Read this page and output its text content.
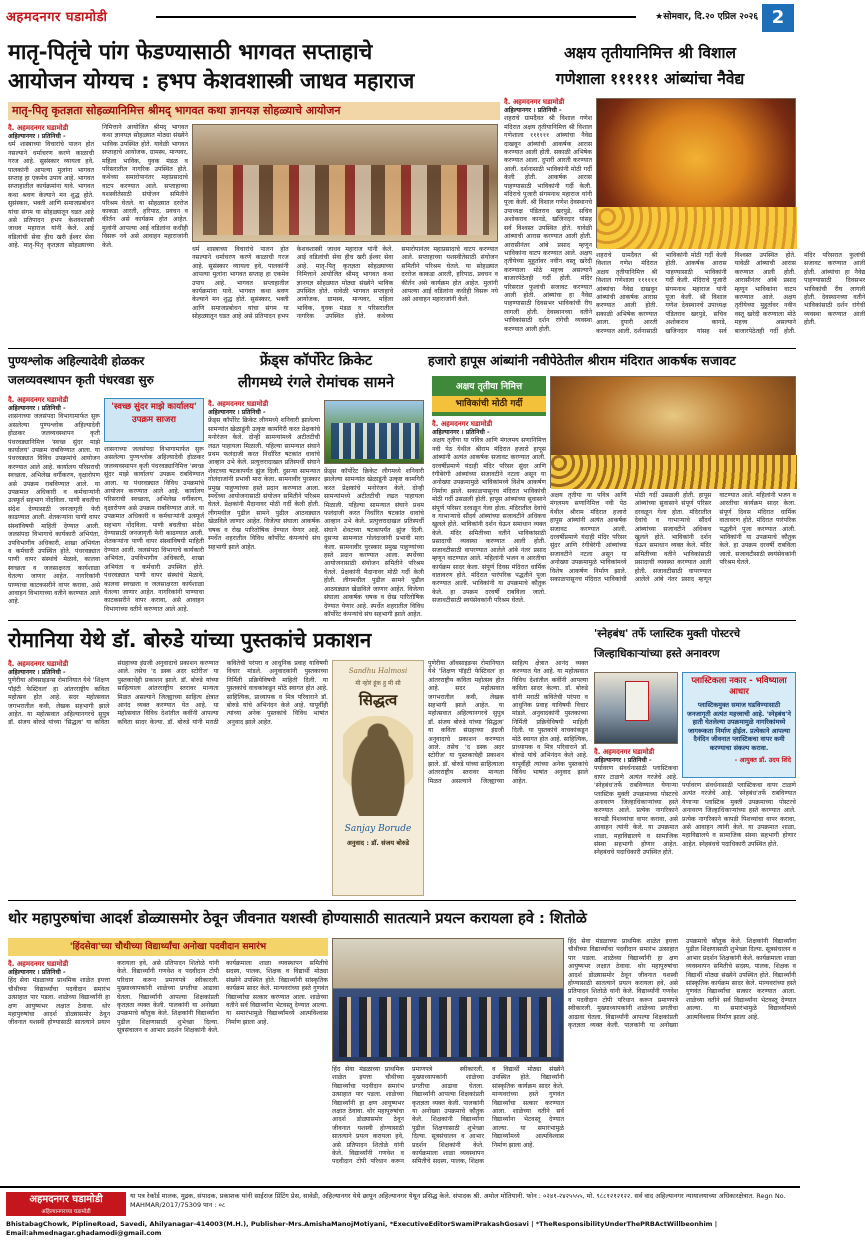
अहमदनगर घडामोडी	★सोमवार, दि.२० एप्रिल २०२६ 2
मातृ-पितृंचे पांग फेडण्यासाठी भागवत सप्ताहाचे
आयोजन योग्यच : हभप केशवशास्त्री जाधव महाराज
मातृ-पितृ कृतज्ञता सोहळ्यानिमित्त श्रीमद् भागवत कथा ज्ञानयज्ञ सोहळ्याचे आयोजन
दै. अहमदनगर घडामोडी
अहिल्यानगर । प्रतिनिधी -
धर्म शास्त्राच्या विचारांचे पालन होत नसल्याने धर्माचरण करणे काळाची गरज आहे. सुसंस्कार व्यायला हवे, पालकांनी आपल्या मुलांना भागवत सप्ताह हा एकमेव उपाय आहे. भागवत सप्ताहातील कार्यक्रमांना यावे. भागवत कथा श्रवण केल्याने मन शुद्ध होते. सुसंस्कार, भक्ती आणि समाजप्रबोधन यांचा संगम या सोहळ्यातून घडत आहे असे प्रतिपादन हभप केशवशास्त्री जाधव महाराज यांनी केले. आई वडिलांची सेवा हीच खरी ईश्वर सेवा आहे. मातृ-पितृ कृतज्ञता सोहळ्याच्या निमित्ताने आयोजित श्रीमद् भागवत कथा ज्ञानयज्ञ सोहळ्यात मोठ्या संख्येने भाविक उपस्थित होते. यावेळी भागवत सप्ताहाचे आयोजक, ग्रामस्थ, मान्यवर, महिला भाविक, युवक मंडळ व परिसरातील नागरिक उपस्थित होते. कथेच्या समारोपानंतर महाप्रसादाचे वाटप करण्यात आले. सप्ताहाच्या यशस्वीतेसाठी संयोजन समितीने परिश्रम घेतले. या सोहळ्यात दररोज काकडा आरती, हरिपाठ, प्रवचन व कीर्तन असे कार्यक्रम होत आहेत. मुलांनी आपल्या आई वडिलांना कधीही विसरू नये असे आवाहन महाराजांनी केले.
धर्म शास्त्राच्या विचारांचे पालन होत नसल्याने धर्माचरण करणे काळाची गरज आहे. सुसंस्कार व्यायला हवे, पालकांनी आपल्या मुलांना भागवत सप्ताह हा एकमेव उपाय आहे. भागवत सप्ताहातील कार्यक्रमांना यावे. भागवत कथा श्रवण केल्याने मन शुद्ध होते. सुसंस्कार, भक्ती आणि समाजप्रबोधन यांचा संगम या सोहळ्यातून घडत आहे असे प्रतिपादन हभप केशवशास्त्री जाधव महाराज यांनी केले. आई वडिलांची सेवा हीच खरी ईश्वर सेवा आहे. मातृ-पितृ कृतज्ञता सोहळ्याच्या निमित्ताने आयोजित श्रीमद् भागवत कथा ज्ञानयज्ञ सोहळ्यात मोठ्या संख्येने भाविक उपस्थित होते. यावेळी भागवत सप्ताहाचे आयोजक, ग्रामस्थ, मान्यवर, महिला भाविक, युवक मंडळ व परिसरातील नागरिक उपस्थित होते. कथेच्या समारोपानंतर महाप्रसादाचे वाटप करण्यात आले. सप्ताहाच्या यशस्वीतेसाठी संयोजन समितीने परिश्रम घेतले. या सोहळ्यात दररोज काकडा आरती, हरिपाठ, प्रवचन व कीर्तन असे कार्यक्रम होत आहेत. मुलांनी आपल्या आई वडिलांना कधीही विसरू नये असे आवाहन महाराजांनी केले.
अक्षय तृतीयानिमित्त श्री विशाल
गणेशाला ११११११ आंब्यांचा नैवेद्य
दै. अहमदनगर घडामोडी
अहिल्यानगर । प्रतिनिधी -
शहराचे ग्रामदैवत श्री विशाल गणेश मंदिरात अक्षय तृतीयानिमित्त श्री विशाल गणेशाला ११११११ आंब्यांचा नैवेद्य दाखवून आंब्यांची आकर्षक आरास करण्यात आली होती. सकाळी अभिषेक करण्यात आला. दुपारी आरती करण्यात आली. दर्शनासाठी भाविकांनी मोठी गर्दी केली होती. आकर्षक आरास पाहण्यासाठी भाविकांनी गर्दी केली. मंदिराचे पुजारी संगमनाथ महाराज यांनी पूजा केली. श्री विशाल गणेश देवस्थानचे उपाध्यक्ष पंडितराव खरपुडे, सचिव अशोकराव कानडे, खजिनदार यांसह सर्व विश्वस्त उपस्थित होते. यावेळी आंब्याची आरास करण्यात आली होती. आरासीनंतर आंबे प्रसाद म्हणून भाविकांना वाटप करण्यात आले. अक्षय तृतीयेच्या मुहूर्तावर नवीन वस्तू खरेदी करण्याला मोठे महत्त्व असल्याने बाजारपेठेतही गर्दी होती. मंदिर परिसरात फुलांची सजावट करण्यात आली होती. आंब्यांचा हा नैवेद्य पाहण्यासाठी दिवसभर भाविकांची रीघ लागली होती. देवस्थानच्या वतीने भाविकांसाठी दर्शन रांगेची व्यवस्था करण्यात आली होती.
शहराचे ग्रामदैवत श्री विशाल गणेश मंदिरात अक्षय तृतीयानिमित्त श्री विशाल गणेशाला ११११११ आंब्यांचा नैवेद्य दाखवून आंब्यांची आकर्षक आरास करण्यात आली होती. सकाळी अभिषेक करण्यात आला. दुपारी आरती करण्यात आली. दर्शनासाठी भाविकांनी मोठी गर्दी केली होती. आकर्षक आरास पाहण्यासाठी भाविकांनी गर्दी केली. मंदिराचे पुजारी संगमनाथ महाराज यांनी पूजा केली. श्री विशाल गणेश देवस्थानचे उपाध्यक्ष पंडितराव खरपुडे, सचिव अशोकराव कानडे, खजिनदार यांसह सर्व विश्वस्त उपस्थित होते. यावेळी आंब्याची आरास करण्यात आली होती. आरासीनंतर आंबे प्रसाद म्हणून भाविकांना वाटप करण्यात आले. अक्षय तृतीयेच्या मुहूर्तावर नवीन वस्तू खरेदी करण्याला मोठे महत्त्व असल्याने बाजारपेठेतही गर्दी होती. मंदिर परिसरात फुलांची सजावट करण्यात आली होती. आंब्यांचा हा नैवेद्य पाहण्यासाठी दिवसभर भाविकांची रीघ लागली होती. देवस्थानच्या वतीने भाविकांसाठी दर्शन रांगेची व्यवस्था करण्यात आली होती.
पुण्यश्लोक अहिल्यादेवी होळकर
जलव्यवस्थापन कृती पंधरवडा सुरु
दै. अहमदनगर घडामोडी
अहिल्यानगर । प्रतिनिधी -
शासनाच्या जलसंपदा विभागामार्फत सुरू असलेल्या पुण्यश्लोक अहिल्यादेवी होळकर जलव्यवस्थापन कृती पंधरवड्यानिमित्त 'स्वच्छ सुंदर माझे कार्यालय' उपक्रम राबविण्यात आला. या पंधरवड्यात विविध उपक्रमांचे आयोजन करण्यात आले आहे. कार्यालय परिसराची स्वच्छता, अभिलेख वर्गीकरण, वृक्षारोपण असे उपक्रम राबविण्यात आले. या उपक्रमात अधिकारी व कर्मचाऱ्यांनी उत्स्फूर्त सहभाग नोंदविला. पाणी बचतीचा संदेश देण्यासाठी जनजागृती फेरी काढण्यात आली. शेतकऱ्यांना पाणी वापर संस्थांविषयी माहिती देण्यात आली. जलसंपदा विभागाचे कार्यकारी अभियंता, उपविभागीय अधिकारी, शाखा अभियंता व कर्मचारी उपस्थित होते. पंधरवड्यात पाणी वापर संस्थांचे मेळावे, कालवा स्वच्छता व जलसाक्षरता कार्यशाळा घेतल्या जाणार आहेत. नागरिकांनी पाण्याचा काटकसरीने वापर करावा, असे आवाहन विभागाच्या वतीने करण्यात आले आहे.
'स्वच्छ सुंदर माझे कार्यालय' उपक्रम साजरा
शासनाच्या जलसंपदा विभागामार्फत सुरू असलेल्या पुण्यश्लोक अहिल्यादेवी होळकर जलव्यवस्थापन कृती पंधरवड्यानिमित्त 'स्वच्छ सुंदर माझे कार्यालय' उपक्रम राबविण्यात आला. या पंधरवड्यात विविध उपक्रमांचे आयोजन करण्यात आले आहे. कार्यालय परिसराची स्वच्छता, अभिलेख वर्गीकरण, वृक्षारोपण असे उपक्रम राबविण्यात आले. या उपक्रमात अधिकारी व कर्मचाऱ्यांनी उत्स्फूर्त सहभाग नोंदविला. पाणी बचतीचा संदेश देण्यासाठी जनजागृती फेरी काढण्यात आली. शेतकऱ्यांना पाणी वापर संस्थांविषयी माहिती देण्यात आली. जलसंपदा विभागाचे कार्यकारी अभियंता, उपविभागीय अधिकारी, शाखा अभियंता व कर्मचारी उपस्थित होते. पंधरवड्यात पाणी वापर संस्थांचे मेळावे, कालवा स्वच्छता व जलसाक्षरता कार्यशाळा घेतल्या जाणार आहेत. नागरिकांनी पाण्याचा काटकसरीने वापर करावा, असे आवाहन विभागाच्या वतीने करण्यात आले आहे.
फ्रेंड्स कॉर्पोरेट क्रिकेट
लीगमध्ये रंगले रोमांचक सामने
दै. अहमदनगर घडामोडी
अहिल्यानगर । प्रतिनिधी -
फ्रेंड्स कॉर्पोरेट क्रिकेट लीगमध्ये शनिवारी झालेल्या सामन्यांत खेळाडूंनी उत्कृष्ट कामगिरी करत प्रेक्षकांचे मनोरंजन केले. दोन्ही सामन्यांमध्ये अटीतटीची लढत पाहायला मिळाली. पहिल्या सामन्यात संघाने प्रथम फलंदाजी करत निर्धारित षटकांत धावांचे आव्हान उभे केले. प्रत्युत्तरादाखल प्रतिस्पर्धी संघाने शेवटच्या षटकापर्यंत झुंज दिली. दुसऱ्या सामन्यात गोलंदाजांनी प्रभावी मारा केला. सामनावीर पुरस्कार प्रमुख पाहुण्यांच्या हस्ते प्रदान करण्यात आला. स्पर्धेच्या आयोजनासाठी संयोजन समितीने परिश्रम घेतले. प्रेक्षकांनी मैदानावर मोठी गर्दी केली होती. लीगमधील पुढील सामने पुढील आठवड्यात खेळविले जाणार आहेत. विजेत्या संघाला आकर्षक चषक व रोख पारितोषिक देण्यात येणार आहे. स्पर्धेत शहरातील विविध कॉर्पोरेट कंपन्यांचे संघ सहभागी झाले आहेत.
फ्रेंड्स कॉर्पोरेट क्रिकेट लीगमध्ये शनिवारी झालेल्या सामन्यांत खेळाडूंनी उत्कृष्ट कामगिरी करत प्रेक्षकांचे मनोरंजन केले. दोन्ही सामन्यांमध्ये अटीतटीची लढत पाहायला मिळाली. पहिल्या सामन्यात संघाने प्रथम फलंदाजी करत निर्धारित षटकांत धावांचे आव्हान उभे केले. प्रत्युत्तरादाखल प्रतिस्पर्धी संघाने शेवटच्या षटकापर्यंत झुंज दिली. दुसऱ्या सामन्यात गोलंदाजांनी प्रभावी मारा केला. सामनावीर पुरस्कार प्रमुख पाहुण्यांच्या हस्ते प्रदान करण्यात आला. स्पर्धेच्या आयोजनासाठी संयोजन समितीने परिश्रम घेतले. प्रेक्षकांनी मैदानावर मोठी गर्दी केली होती. लीगमधील पुढील सामने पुढील आठवड्यात खेळविले जाणार आहेत. विजेत्या संघाला आकर्षक चषक व रोख पारितोषिक देण्यात येणार आहे. स्पर्धेत शहरातील विविध कॉर्पोरेट कंपन्यांचे संघ सहभागी झाले आहेत.
हजारो हापूस आंब्यांनी नवीपेठेतील श्रीराम मंदिरात आकर्षक सजावट
अक्षय तृतीया निमित्त
भाविकांची मोठी गर्दी
दै. अहमदनगर घडामोडी
अहिल्यानगर । प्रतिनिधी -
अक्षय तृतीया या पवित्र आणि मंगलमय सणानिमित्त नवी पेठ येथील श्रीराम मंदिरात हजारो हापूस आंब्यांनी अत्यंत आकर्षक सजावट करण्यात आली. दरवर्षीप्रमाणे यंदाही मंदिर परिसर सुंदर आणि रंगीबेरंगी आंब्यांच्या सजावटीने नटला असून या अनोख्या उपक्रमामुळे भाविकांमध्ये विशेष आकर्षण निर्माण झाले. सकाळपासूनच मंदिरात भाविकांची मोठी गर्दी उसळली होती. हापूस आंब्यांच्या सुवासाने संपूर्ण परिसर दरवळून गेला होता. मंदिरातील देवांचे व गाभाऱ्याचे सौंदर्य आंब्यांच्या सजावटीने अधिकच खुलले होते. भाविकांनी दर्शन घेऊन समाधान व्यक्त केले. मंदिर समितीच्या वतीने भाविकांसाठी प्रसादाची व्यवस्था करण्यात आली होती. सजावटीसाठी वापरण्यात आलेले आंबे नंतर प्रसाद म्हणून वाटण्यात आले. महिलांनी भजन व आरतीचा कार्यक्रम सादर केला. संपूर्ण दिवस मंदिरात धार्मिक वातावरण होते. मंदिरात पारंपरिक पद्धतीने पूजा करण्यात आली. भाविकांनी या उपक्रमाचे कौतुक केले. हा उपक्रम दरवर्षी राबविला जातो. सजावटीसाठी स्वयंसेवकांनी परिश्रम घेतले.
अक्षय तृतीया या पवित्र आणि मंगलमय सणानिमित्त नवी पेठ येथील श्रीराम मंदिरात हजारो हापूस आंब्यांनी अत्यंत आकर्षक सजावट करण्यात आली. दरवर्षीप्रमाणे यंदाही मंदिर परिसर सुंदर आणि रंगीबेरंगी आंब्यांच्या सजावटीने नटला असून या अनोख्या उपक्रमामुळे भाविकांमध्ये विशेष आकर्षण निर्माण झाले. सकाळपासूनच मंदिरात भाविकांची मोठी गर्दी उसळली होती. हापूस आंब्यांच्या सुवासाने संपूर्ण परिसर दरवळून गेला होता. मंदिरातील देवांचे व गाभाऱ्याचे सौंदर्य आंब्यांच्या सजावटीने अधिकच खुलले होते. भाविकांनी दर्शन घेऊन समाधान व्यक्त केले. मंदिर समितीच्या वतीने भाविकांसाठी प्रसादाची व्यवस्था करण्यात आली होती. सजावटीसाठी वापरण्यात आलेले आंबे नंतर प्रसाद म्हणून वाटण्यात आले. महिलांनी भजन व आरतीचा कार्यक्रम सादर केला. संपूर्ण दिवस मंदिरात धार्मिक वातावरण होते. मंदिरात पारंपरिक पद्धतीने पूजा करण्यात आली. भाविकांनी या उपक्रमाचे कौतुक केले. हा उपक्रम दरवर्षी राबविला जातो. सजावटीसाठी स्वयंसेवकांनी परिश्रम घेतले.
रोमानिया येथे डॉ. बोरुडे यांच्या पुस्तकांचे प्रकाशन
दै. अहमदनगर घडामोडी
अहिल्यानगर । प्रतिनिधी -
पुणेरीया ऑवसाइडन्स रोमानियात येथे 'शिक्षण पॉइंटी फेस्टिवल' हा आंतरराष्ट्रीय कविता महोत्सव होत आहे. सदर महोत्सवात जगभरातील कवी, लेखक सहभागी झाले आहेत. या महोत्सवात अहिल्यानगरचे सुपुत्र डॉ. संजय बोरुडे यांच्या 'सिद्धत्व' या कविता संग्रहाच्या इंग्रजी अनुवादाचे प्रकाशन करण्यात आले. तसेच 'द डस्क अदर स्टोरीज' या पुस्तकाचेही प्रकाशन झाले. डॉ. बोरुडे यांच्या साहित्याला आंतरराष्ट्रीय स्तरावर मान्यता मिळत असल्याने जिल्ह्याच्या साहित्य क्षेत्रात आनंद व्यक्त करण्यात येत आहे. या महोत्सवात विविध देशांतील कवींनी आपल्या कविता सादर केल्या. डॉ. बोरुडे यांनी मराठी कवितेची परंपरा व आधुनिक प्रवाह याविषयी विचार मांडले. अनुवादकांनी पुस्तकाच्या निर्मिती प्रक्रियेविषयी माहिती दिली. या पुस्तकांचे वाचकांकडून मोठे स्वागत होत आहे. साहित्यिक, प्राध्यापक व मित्र परिवाराने डॉ. बोरुडे यांचे अभिनंदन केले आहे. यापूर्वीही त्यांच्या अनेक पुस्तकांचे विविध भाषांत अनुवाद झाले आहेत.
Sandhu Halmosi
मी न्होरं हूंक हु मी सी
सिद्धत्व
Sanjay Borude
अनुवाद : डॉ. संजय बोरुडे
पुणेरीया ऑवसाइडन्स रोमानियात येथे 'शिक्षण पॉइंटी फेस्टिवल' हा आंतरराष्ट्रीय कविता महोत्सव होत आहे. सदर महोत्सवात जगभरातील कवी, लेखक सहभागी झाले आहेत. या महोत्सवात अहिल्यानगरचे सुपुत्र डॉ. संजय बोरुडे यांच्या 'सिद्धत्व' या कविता संग्रहाच्या इंग्रजी अनुवादाचे प्रकाशन करण्यात आले. तसेच 'द डस्क अदर स्टोरीज' या पुस्तकाचेही प्रकाशन झाले. डॉ. बोरुडे यांच्या साहित्याला आंतरराष्ट्रीय स्तरावर मान्यता मिळत असल्याने जिल्ह्याच्या साहित्य क्षेत्रात आनंद व्यक्त करण्यात येत आहे. या महोत्सवात विविध देशांतील कवींनी आपल्या कविता सादर केल्या. डॉ. बोरुडे यांनी मराठी कवितेची परंपरा व आधुनिक प्रवाह याविषयी विचार मांडले. अनुवादकांनी पुस्तकाच्या निर्मिती प्रक्रियेविषयी माहिती दिली. या पुस्तकांचे वाचकांकडून मोठे स्वागत होत आहे. साहित्यिक, प्राध्यापक व मित्र परिवाराने डॉ. बोरुडे यांचे अभिनंदन केले आहे. यापूर्वीही त्यांच्या अनेक पुस्तकांचे विविध भाषांत अनुवाद झाले आहेत.
'स्नेहबंध' तर्फे प्लास्टिक मुक्ती पोस्टरचे
जिल्हाधिकाऱ्यांच्या हस्ते अनावरण
प्लास्टिकला नकार - भविष्याला आधार
प्लास्टिकमुक्त समाज घडविण्यासाठी जनजागृती अत्यंत महत्त्वाची आहे. 'स्नेहबंध'ने हाती घेतलेल्या उपक्रमामुळे नागरिकांमध्ये जागरूकता निर्माण होईल. प्रत्येकाने आपल्या दैनंदिन जीवनात प्लास्टिकचा वापर कमी करण्याचा संकल्प करावा.
- आयुक्त डॉ. उदय शिंदे
दै. अहमदनगर घडामोडी
अहिल्यानगर । प्रतिनिधी -
पर्यावरण संवर्धनासाठी प्लास्टिकचा वापर टाळणे अत्यंत गरजेचे आहे. 'स्नेहबंध'तर्फे राबविण्यात येणाऱ्या प्लास्टिक मुक्ती उपक्रमाच्या पोस्टरचे अनावरण जिल्हाधिकाऱ्यांच्या हस्ते करण्यात आले. प्रत्येक नागरिकाने कापडी पिशव्यांचा वापर करावा, असे आवाहन त्यांनी केले. या उपक्रमात शाळा, महाविद्यालये व सामाजिक संस्था सहभागी होणार आहेत. स्नेहबंधचे पदाधिकारी उपस्थित होते.
पर्यावरण संवर्धनासाठी प्लास्टिकचा वापर टाळणे अत्यंत गरजेचे आहे. 'स्नेहबंध'तर्फे राबविण्यात येणाऱ्या प्लास्टिक मुक्ती उपक्रमाच्या पोस्टरचे अनावरण जिल्हाधिकाऱ्यांच्या हस्ते करण्यात आले. प्रत्येक नागरिकाने कापडी पिशव्यांचा वापर करावा, असे आवाहन त्यांनी केले. या उपक्रमात शाळा, महाविद्यालये व सामाजिक संस्था सहभागी होणार आहेत. स्नेहबंधचे पदाधिकारी उपस्थित होते.
थोर महापुरुषांचा आदर्श डोळ्यासमोर ठेवून जीवनात यशस्वी होण्यासाठी सातत्याने प्रयत्न करायला हवे : शितोळे
'हिंदसेवा'च्या चौथीच्या विद्यार्थ्यांचा अनोखा पदवीदान समारंभ
दै. अहमदनगर घडामोडी
अहिल्यानगर । प्रतिनिधी -
हिंद सेवा मंडळाच्या प्राथमिक शाळेत इयत्ता चौथीच्या विद्यार्थ्यांचा पदवीदान समारंभ उत्साहात पार पडला. शाळेच्या विद्यार्थ्यांनी हा क्षण आयुष्यभर लक्षात ठेवावा. थोर महापुरुषांचा आदर्श डोळ्यासमोर ठेवून जीवनात यशस्वी होण्यासाठी सातत्याने प्रयत्न करायला हवे, असे प्रतिपादन शितोळे यांनी केले. विद्यार्थ्यांनी गणवेश व पदवीदान टोपी परिधान करून प्रमाणपत्रे स्वीकारली. मुख्याध्यापकांनी शाळेच्या प्रगतीचा आढावा घेतला. विद्यार्थ्यांनी आपल्या शिक्षकांप्रती कृतज्ञता व्यक्त केली. पालकांनी या अनोख्या उपक्रमाचे कौतुक केले. शिक्षकांनी विद्यार्थ्यांना पुढील शिक्षणासाठी शुभेच्छा दिल्या. सूत्रसंचालन व आभार प्रदर्शन शिक्षकांनी केले. कार्यक्रमाला शाळा व्यवस्थापन समितीचे सदस्य, पालक, शिक्षक व विद्यार्थी मोठ्या संख्येने उपस्थित होते. विद्यार्थ्यांनी सांस्कृतिक कार्यक्रम सादर केले. मान्यवरांच्या हस्ते गुणवंत विद्यार्थ्यांचा सत्कार करण्यात आला. शाळेच्या वतीने सर्व विद्यार्थ्यांना भेटवस्तू देण्यात आल्या. या समारंभामुळे विद्यार्थ्यांमध्ये आत्मविश्वास निर्माण झाला आहे.
हिंद सेवा मंडळाच्या प्राथमिक शाळेत इयत्ता चौथीच्या विद्यार्थ्यांचा पदवीदान समारंभ उत्साहात पार पडला. शाळेच्या विद्यार्थ्यांनी हा क्षण आयुष्यभर लक्षात ठेवावा. थोर महापुरुषांचा आदर्श डोळ्यासमोर ठेवून जीवनात यशस्वी होण्यासाठी सातत्याने प्रयत्न करायला हवे, असे प्रतिपादन शितोळे यांनी केले. विद्यार्थ्यांनी गणवेश व पदवीदान टोपी परिधान करून प्रमाणपत्रे स्वीकारली. मुख्याध्यापकांनी शाळेच्या प्रगतीचा आढावा घेतला. विद्यार्थ्यांनी आपल्या शिक्षकांप्रती कृतज्ञता व्यक्त केली. पालकांनी या अनोख्या उपक्रमाचे कौतुक केले. शिक्षकांनी विद्यार्थ्यांना पुढील शिक्षणासाठी शुभेच्छा दिल्या. सूत्रसंचालन व आभार प्रदर्शन शिक्षकांनी केले. कार्यक्रमाला शाळा व्यवस्थापन समितीचे सदस्य, पालक, शिक्षक व विद्यार्थी मोठ्या संख्येने उपस्थित होते. विद्यार्थ्यांनी सांस्कृतिक कार्यक्रम सादर केले. मान्यवरांच्या हस्ते गुणवंत विद्यार्थ्यांचा सत्कार करण्यात आला. शाळेच्या वतीने सर्व विद्यार्थ्यांना भेटवस्तू देण्यात आल्या. या समारंभामुळे विद्यार्थ्यांमध्ये आत्मविश्वास निर्माण झाला आहे.
हिंद सेवा मंडळाच्या प्राथमिक शाळेत इयत्ता चौथीच्या विद्यार्थ्यांचा पदवीदान समारंभ उत्साहात पार पडला. शाळेच्या विद्यार्थ्यांनी हा क्षण आयुष्यभर लक्षात ठेवावा. थोर महापुरुषांचा आदर्श डोळ्यासमोर ठेवून जीवनात यशस्वी होण्यासाठी सातत्याने प्रयत्न करायला हवे, असे प्रतिपादन शितोळे यांनी केले. विद्यार्थ्यांनी गणवेश व पदवीदान टोपी परिधान करून प्रमाणपत्रे स्वीकारली. मुख्याध्यापकांनी शाळेच्या प्रगतीचा आढावा घेतला. विद्यार्थ्यांनी आपल्या शिक्षकांप्रती कृतज्ञता व्यक्त केली. पालकांनी या अनोख्या उपक्रमाचे कौतुक केले. शिक्षकांनी विद्यार्थ्यांना पुढील शिक्षणासाठी शुभेच्छा दिल्या. सूत्रसंचालन व आभार प्रदर्शन शिक्षकांनी केले. कार्यक्रमाला शाळा व्यवस्थापन समितीचे सदस्य, पालक, शिक्षक व विद्यार्थी मोठ्या संख्येने उपस्थित होते. विद्यार्थ्यांनी सांस्कृतिक कार्यक्रम सादर केले. मान्यवरांच्या हस्ते गुणवंत विद्यार्थ्यांचा सत्कार करण्यात आला. शाळेच्या वतीने सर्व विद्यार्थ्यांना भेटवस्तू देण्यात आल्या. या समारंभामुळे विद्यार्थ्यांमध्ये आत्मविश्वास निर्माण झाला आहे.
अहमदनगर घडामोडी
अहिल्यानगरच्या घडामोडी
या पत्र रेकॉर्ड मालक, मुद्रक, संपादक, प्रकाशक यांनी साईराज प्रिंटिंग प्रेस, सावेडी, अहिल्यानगर येथे छापून अहिल्यानगर येथून प्रसिद्ध केले. संपादक श्री. अमोल मोतियानी. फोन : ०२४१-२४२५५५५, मो. ९८८१२१२१२२. सर्व वाद अहिल्यानगर न्यायालयाच्या अधिकारक्षेत्रात. Regn No. MAHMAR/2017/75309 पान : ०८
BhistabagChowk, PiplineRoad, Savedi, Ahilyanagar-414003(M.H.), Publisher-Mrs.AmishaManojMotiyani, *ExecutiveEditorSwamiPrakashGosavi | *TheResponsibilityUnderThePRBActWillbeonhim | Email:ahmednagar.ghadamodi@gmail.com
